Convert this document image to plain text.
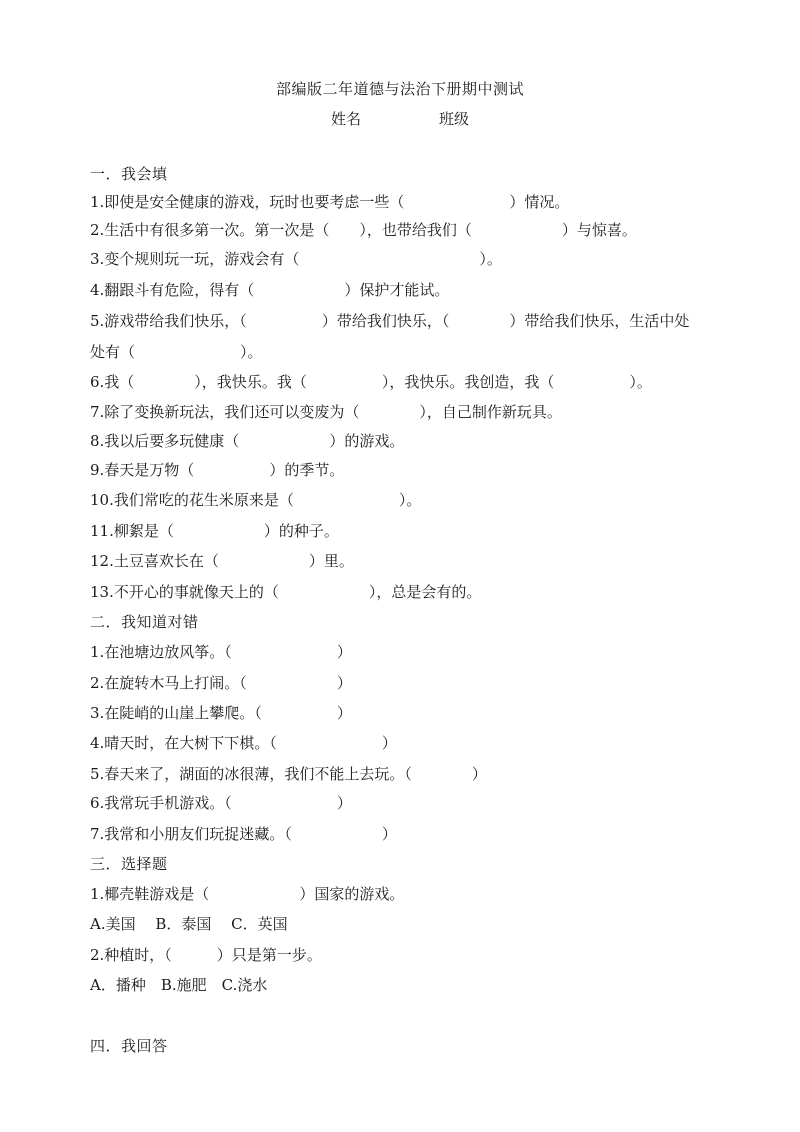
部编版二年道德与法治下册期中测试
姓名	班级
一．我会填
1.即使是安全健康的游戏，玩时也要考虑一些（　　　　　　　）情况。
2.生活中有很多第一次。第一次是（　　），也带给我们（　　　　　　）与惊喜。
3.变个规则玩一玩，游戏会有（　　　　　　　　　　　　）。
4.翻跟斗有危险，得有（　　　　　　）保护才能试。
5.游戏带给我们快乐，（　　　　　）带给我们快乐，（　　　　）带给我们快乐，生活中处
处有（　　　　　　　）。
6.我（　　　　），我快乐。我（　　　　　），我快乐。我创造，我（　　　　　）。
7.除了变换新玩法，我们还可以变废为（　　　　），自己制作新玩具。
8.我以后要多玩健康（　　　　　　）的游戏。
9.春天是万物（　　　　　）的季节。
10.我们常吃的花生米原来是（　　　　　　　）。
11.柳絮是（　　　　　　）的种子。
12.土豆喜欢长在（　　　　　　）里。
13.不开心的事就像天上的（　　　　　　），总是会有的。
二．我知道对错
1.在池塘边放风筝。（　　　　　　　）
2.在旋转木马上打闹。（　　　　　　）
3.在陡峭的山崖上攀爬。（　　　　　）
4.晴天时，在大树下下棋。（　　　　　　　）
5.春天来了，湖面的冰很薄，我们不能上去玩。（　　　　）
6.我常玩手机游戏。（　　　　　　　）
7.我常和小朋友们玩捉迷藏。（　　　　　　）
三．选择题
1.椰壳鞋游戏是（　　　　　　）国家的游戏。
A.美国　 B．泰国　 C．英国
2.种植时，（　　　）只是第一步。
A．播种　B.施肥　C.浇水
四．我回答
